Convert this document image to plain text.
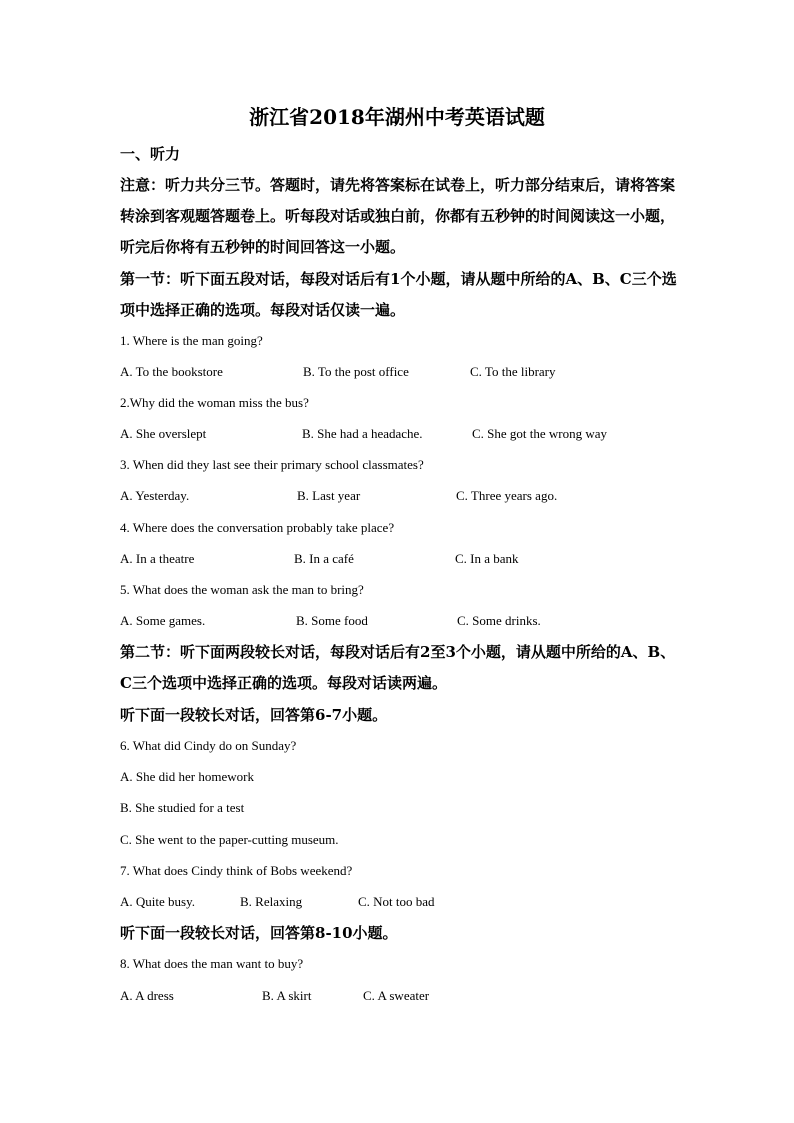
浙江省2018年湖州中考英语试题
一、听力
注意：听力共分三节。答题时，请先将答案标在试卷上，听力部分结束后，请将答案转涂到客观题答题卷上。听每段对话或独白前，你都有五秒钟的时间阅读这一小题，听完后你将有五秒钟的时间回答这一小题。
第一节：听下面五段对话，每段对话后有1个小题，请从题中所给的A、B、C三个选项中选择正确的选项。每段对话仅读一遍。
1. Where is the man going?
A. To the bookstore	B. To the post office	C. To the library
2.Why did the woman miss the bus?
A. She overslept	B. She had a headache.	C. She got the wrong way
3. When did they last see their primary school classmates?
A. Yesterday.	B. Last year	C. Three years ago.
4. Where does the conversation probably take place?
A. In a theatre	B. In a café	C. In a bank
5. What does the woman ask the man to bring?
A. Some games.	B. Some food	C. Some drinks.
第二节：听下面两段较长对话，每段对话后有2至3个小题，请从题中所给的A、B、C三个选项中选择正确的选项。每段对话读两遍。
听下面一段较长对话，回答第6-7小题。
6. What did Cindy do on Sunday?
A. She did her homework
B. She studied for a test
C. She went to the paper-cutting museum.
7. What does Cindy think of Bobs weekend?
A. Quite busy.	B. Relaxing	C. Not too bad
听下面一段较长对话，回答第8-10小题。
8. What does the man want to buy?
A. A dress	B. A skirt	C. A sweater
